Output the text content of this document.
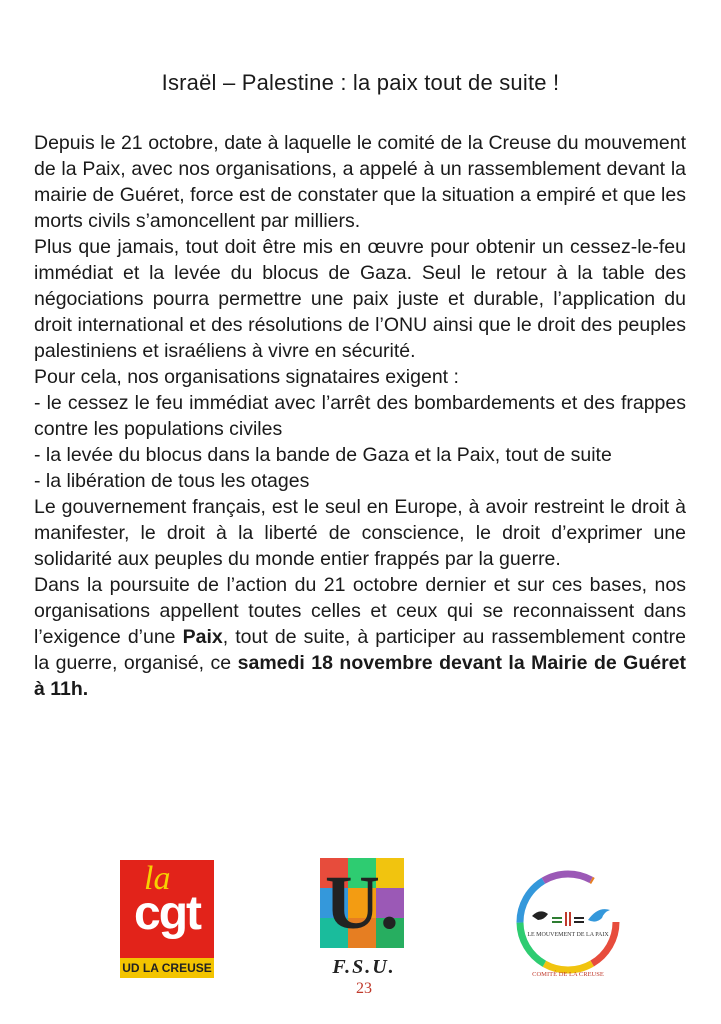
Israël – Palestine : la paix tout de suite !

Depuis le 21 octobre, date à laquelle le comité de la Creuse du mouvement de la Paix, avec nos organisations, a appelé à un rassemblement devant la mairie de Guéret, force est de constater que la situation a empiré et que les morts civils s’amoncellent par milliers.

Plus que jamais, tout doit être mis en œuvre pour obtenir un cessez-le-feu immédiat et la levée du blocus de Gaza. Seul le retour à la table des négociations pourra permettre une paix juste et durable, l’application du droit international et des résolutions de l’ONU ainsi que le droit des peuples palestiniens et israéliens à vivre en sécurité.

Pour cela, nos organisations signataires exigent :

- le cessez le feu immédiat avec l’arrêt des bombardements et des frappes contre les populations civiles

- la levée du blocus dans la bande de Gaza et la Paix, tout de suite

- la libération de tous les otages

Le gouvernement français, est le seul en Europe, à avoir restreint le droit à manifester, le droit à la liberté de conscience, le droit d’exprimer une solidarité aux peuples du monde entier frappés par la guerre.

Dans la poursuite de l’action du 21 octobre dernier et sur ces bases, nos organisations appellent toutes celles et ceux qui se reconnaissent dans l’exigence d’une Paix, tout de suite, à participer au rassemblement contre la guerre, organisé, ce samedi 18 novembre devant la Mairie de Guéret à 11h.

la
cgt
UD LA CREUSE
U.
F.S.U.
23
LE MOUVEMENT DE LA PAIX
COMITÉ DE LA CREUSE
